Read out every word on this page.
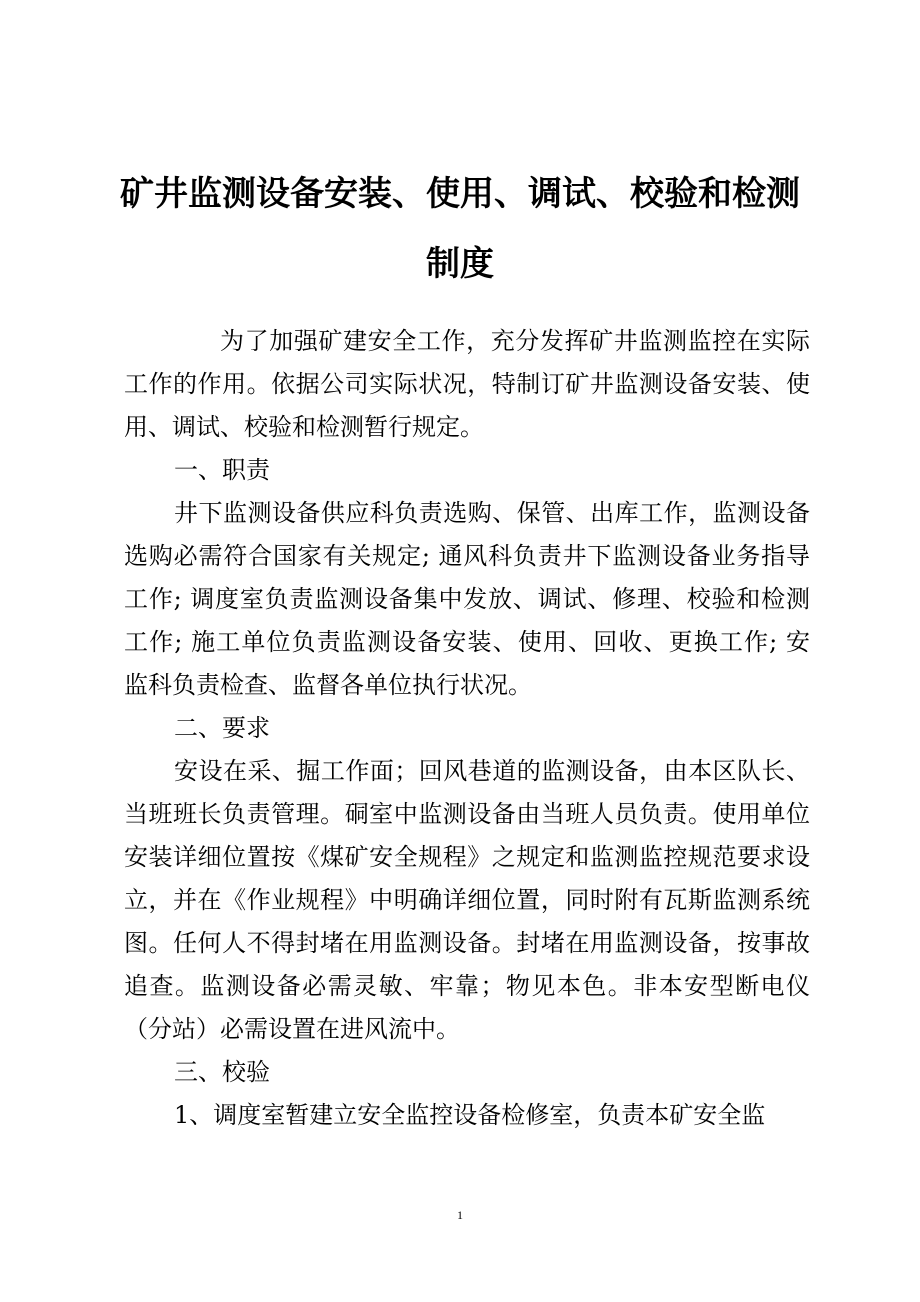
矿井监测设备安装、使用、调试、校验和检测
制度
为了加强矿建安全工作，充分发挥矿井监测监控在实际
工作的作用。依据公司实际状况，特制订矿井监测设备安装、使
用、调试、校验和检测暂行规定。
一、职责
井下监测设备供应科负责选购、保管、出库工作，监测设备
选购必需符合国家有关规定; 通风科负责井下监测设备业务指导
工作; 调度室负责监测设备集中发放、调试、修理、校验和检测
工作; 施工单位负责监测设备安装、使用、回收、更换工作; 安
监科负责检查、监督各单位执行状况。
二、要求
安设在采、掘工作面；回风巷道的监测设备，由本区队长、
当班班长负责管理。硐室中监测设备由当班人员负责。使用单位
安装详细位置按《煤矿安全规程》之规定和监测监控规范要求设
立，并在《作业规程》中明确详细位置，同时附有瓦斯监测系统
图。任何人不得封堵在用监测设备。封堵在用监测设备，按事故
追查。监测设备必需灵敏、牢靠；物见本色。非本安型断电仪
（分站）必需设置在进风流中。
三、校验
1、调度室暂建立安全监控设备检修室，负责本矿安全监
1
